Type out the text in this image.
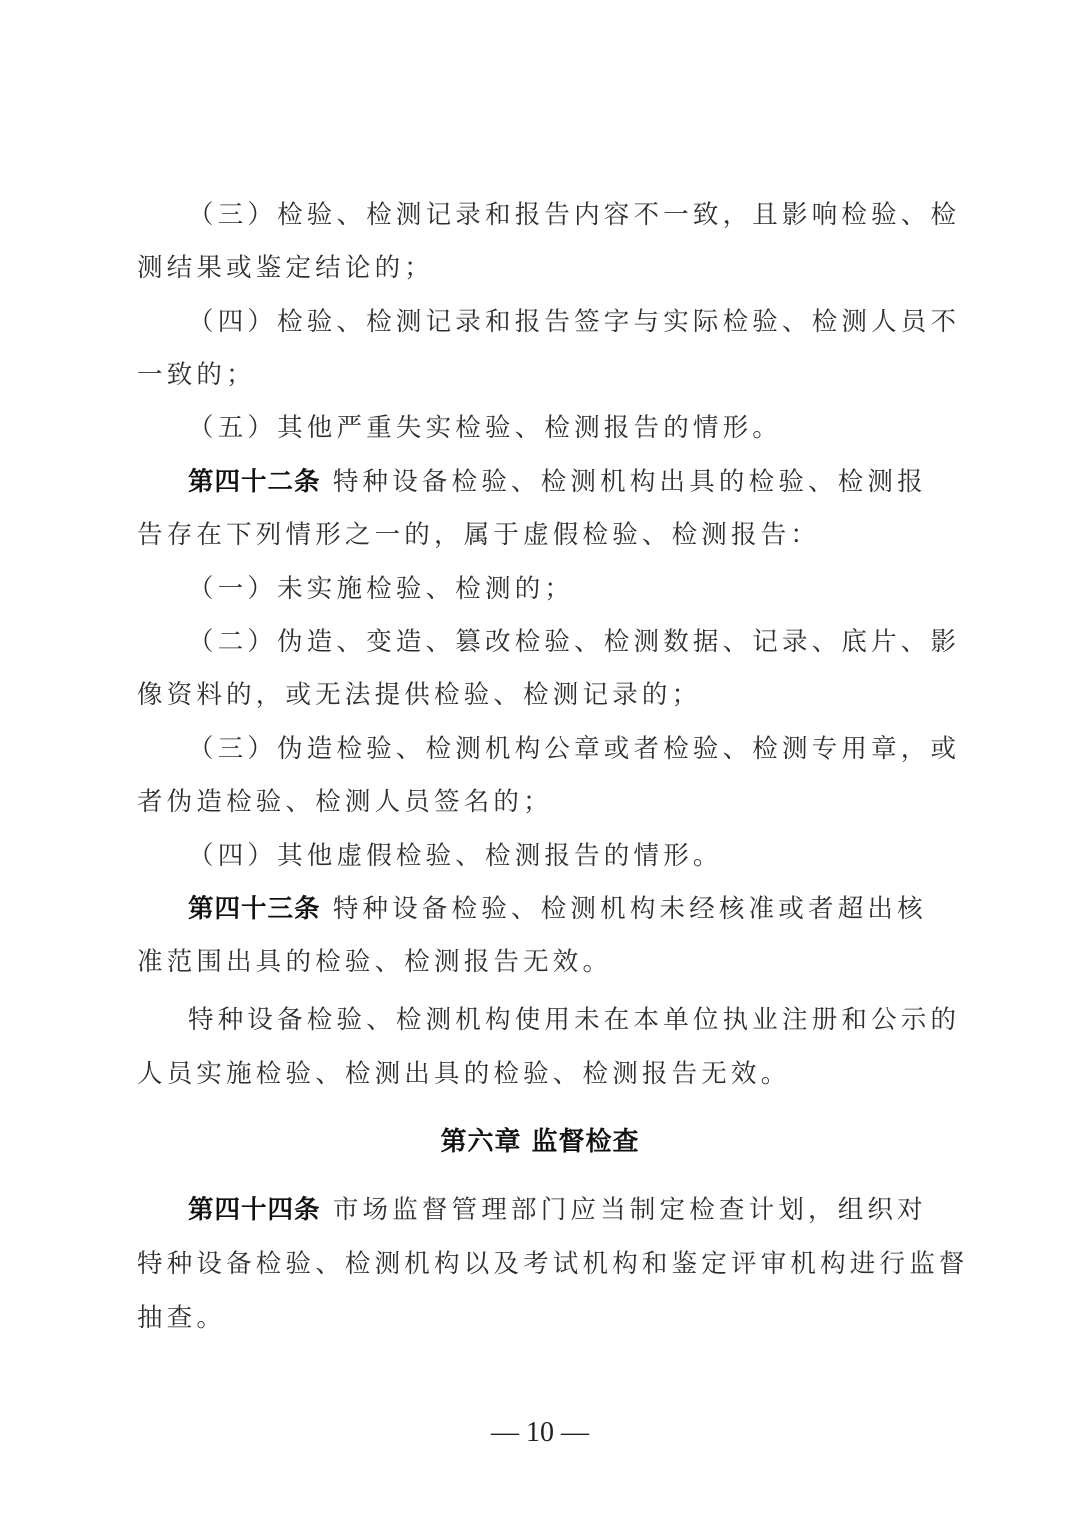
（三）检验、检测记录和报告内容不一致，且影响检验、检
测结果或鉴定结论的；
（四）检验、检测记录和报告签字与实际检验、检测人员不
一致的；
（五）其他严重失实检验、检测报告的情形。
第四十二条 特种设备检验、检测机构出具的检验、检测报
告存在下列情形之一的，属于虚假检验、检测报告：
（一）未实施检验、检测的；
（二）伪造、变造、篡改检验、检测数据、记录、底片、影
像资料的，或无法提供检验、检测记录的；
（三）伪造检验、检测机构公章或者检验、检测专用章，或
者伪造检验、检测人员签名的；
（四）其他虚假检验、检测报告的情形。
第四十三条 特种设备检验、检测机构未经核准或者超出核
准范围出具的检验、检测报告无效。
特种设备检验、检测机构使用未在本单位执业注册和公示的
人员实施检验、检测出具的检验、检测报告无效。
第六章 监督检查
第四十四条 市场监督管理部门应当制定检查计划，组织对
特种设备检验、检测机构以及考试机构和鉴定评审机构进行监督
抽查。
— 10 —
